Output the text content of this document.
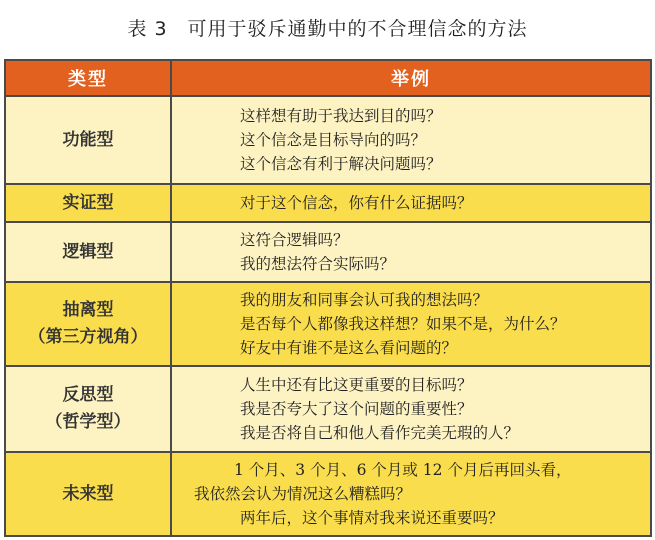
表 3　可用于驳斥通勤中的不合理信念的方法
类型	举例
功能型
这样想有助于我达到目的吗？
这个信念是目标导向的吗？
这个信念有利于解决问题吗？
实证型	对于这个信念，你有什么证据吗？
逻辑型
这符合逻辑吗？
我的想法符合实际吗？
抽离型
（第三方视角）
我的朋友和同事会认可我的想法吗？
是否每个人都像我这样想？如果不是，为什么？
好友中有谁不是这么看问题的？
反思型
（哲学型）
人生中还有比这更重要的目标吗？
我是否夸大了这个问题的重要性？
我是否将自己和他人看作完美无瑕的人？
未来型
1 个月、3 个月、6 个月或 12 个月后再回头看，
我依然会认为情况这么糟糕吗？
两年后，这个事情对我来说还重要吗？
